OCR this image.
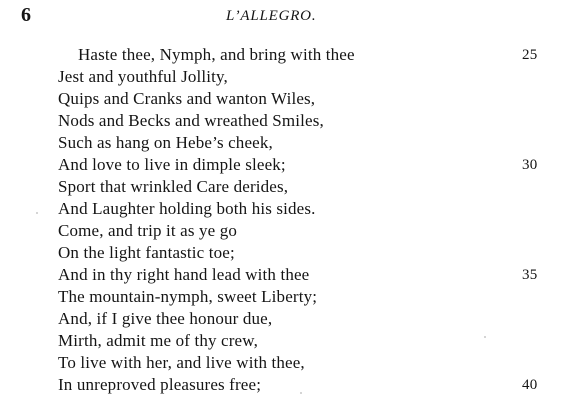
6	L’ALLEGRO.
Haste thee, Nymph, and bring with thee	25
Jest and youthful Jollity,
Quips and Cranks and wanton Wiles,
Nods and Becks and wreathed Smiles,
Such as hang on Hebe’s cheek,
And love to live in dimple sleek;	30
Sport that wrinkled Care derides,
And Laughter holding both his sides.
Come, and trip it as ye go
On the light fantastic toe;
And in thy right hand lead with thee	35
The mountain-nymph, sweet Liberty;
And, if I give thee honour due,
Mirth, admit me of thy crew,
To live with her, and live with thee,
In unreproved pleasures free;	40
